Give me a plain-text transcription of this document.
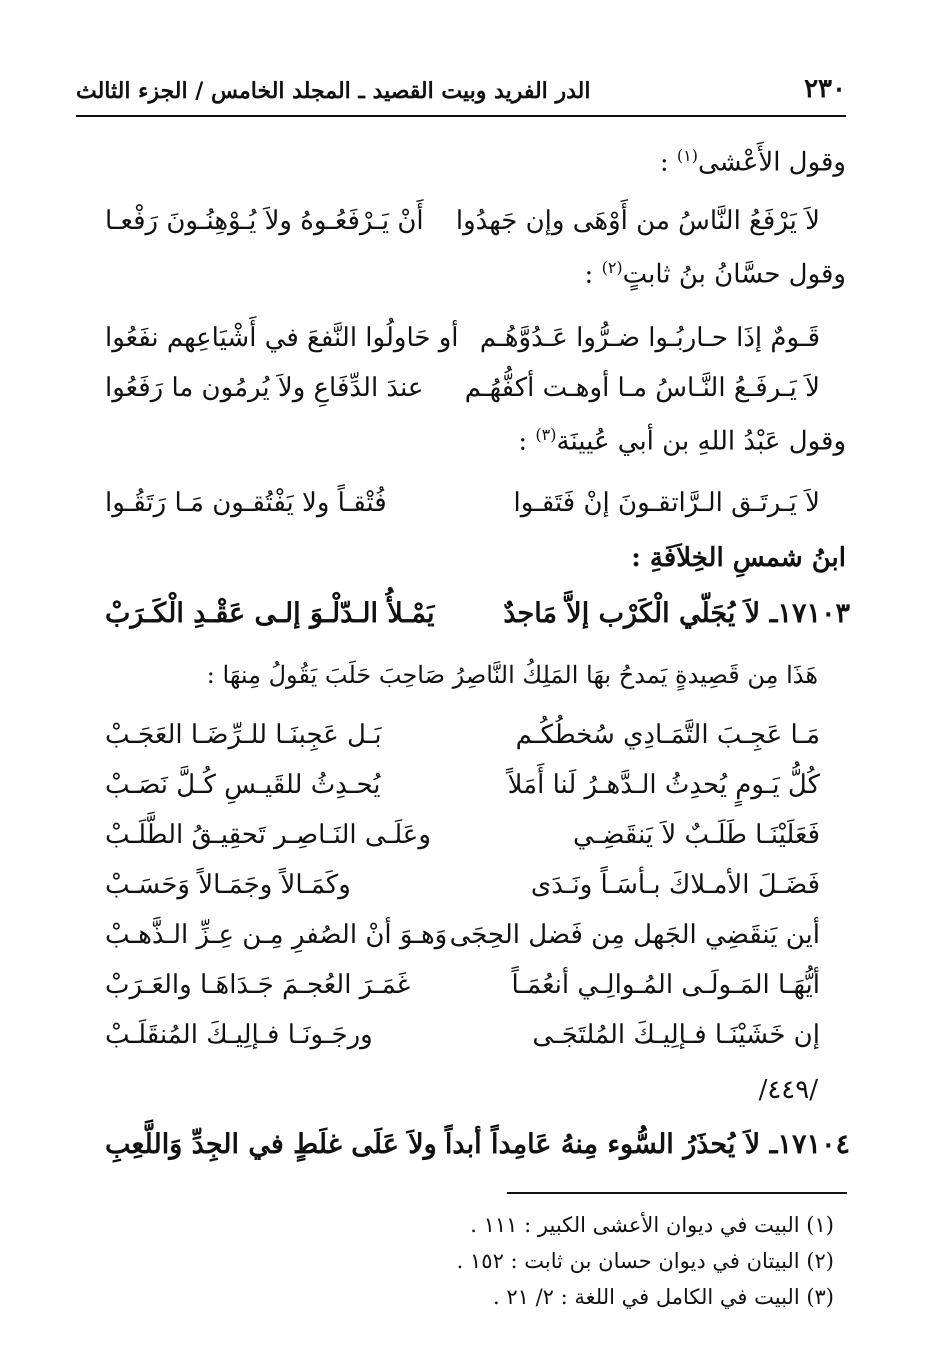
٢٣٠
الدر الفريد وبيت القصيد ـ المجلد الخامس / الجزء الثالث
وقول الأَعْشى$^{(١)}$ :
لاَ يَرْفَعُ النَّاسُ من أَوْهَى وإن جَهدُوا
أَنْ يَـرْفَعُـوهُ ولاَ يُـوْهِنُـونَ رَفْعـا
وقول حسَّانُ بنُ ثابتٍ$^{(٢)}$ :
قَـومٌ إذَا حـاربُـوا ضـرُّوا عَـدُوَّهُـم
أو حَاولُوا النَّفعَ في أَشْيَاعِهم نفَعُوا
لاَ يَـرفَـعُ النَّـاسُ مـا أوهـت أكفُّهُـم
عندَ الدِّفَاعِ ولاَ يُرمُون ما رَفَعُوا
وقول عَبْدُ اللهِ بن أبي عُيينَة$^{(٣)}$ :
لاَ يَـرتَـق الـرَّاتقـونَ إنْ فَتَقـوا
فُتْقـاً ولا يَفْتُقـون مَـا رَتَقُـوا
ابنُ شمسِ الخِلاَفَةِ :
١٧١٠٣ـ لاَ يُجَلّي الْكَرْب إلاَّ مَاجدٌ
يَمْـلأُ الـدّلْـوَ إلـى عَقْـدِ الْكَـرَبْ
هَذَا مِن قَصِيدةٍ يَمدحُ بهَا المَلِكُ النَّاصِرُ صَاحِبَ حَلَبَ يَقُولُ مِنهَا :
مَـا عَجِـبَ التَّمَـادِي سُخطُكُـم
بَـل عَجِبنَـا للـرِّضَـا العَجَـبْ
كُلُّ يَـومٍ يُحدِثُ الـدَّهـرُ لَنا أَمَلاً
يُحـدِثُ للقَيـسِ كُـلَّ نَصَـبْ
فَعَلَيْنَـا طَلَـبٌ لاَ يَنقَضِـي
وعَلَـى النَـاصِـر تَحقِيـقُ الطَّلَـبْ
فَضَـلَ الأمـلاكَ بـأسَـاً ونَـدَى
وكَمَـالاً وجَمَـالاً وَحَسَـبْ
أين يَنقَضِي الجَهل مِن فَضل الحِجَى
وَهـوَ أنْ الصُفرِ مِـن عِـزِّ الـذَّهـبْ
أيُّهَـا المَـولَـى المُـوالِـي أنعُمَـاً
غَمَـرَ العُجـمَ جَـدَاهَـا والعَـرَبْ
إن خَشَيْنَـا فـإلِيـكَ المُلتَجَـى
ورجَـونَـا فـإلِيـكَ المُنقَلَـبْ
/٤٤٩/
١٧١٠٤ـ لاَ يُحذَرُ السُّوء مِنهُ عَامِداً أبداً
ولاَ عَلَى غلَطٍ في الجِدِّ وَاللَّعِبِ
(١) البيت في ديوان الأعشى الكبير : ١١١ .
(٢) البيتان في ديوان حسان بن ثابت : ١٥٢ .
(٣) البيت في الكامل في اللغة : ٢/ ٢١ .
